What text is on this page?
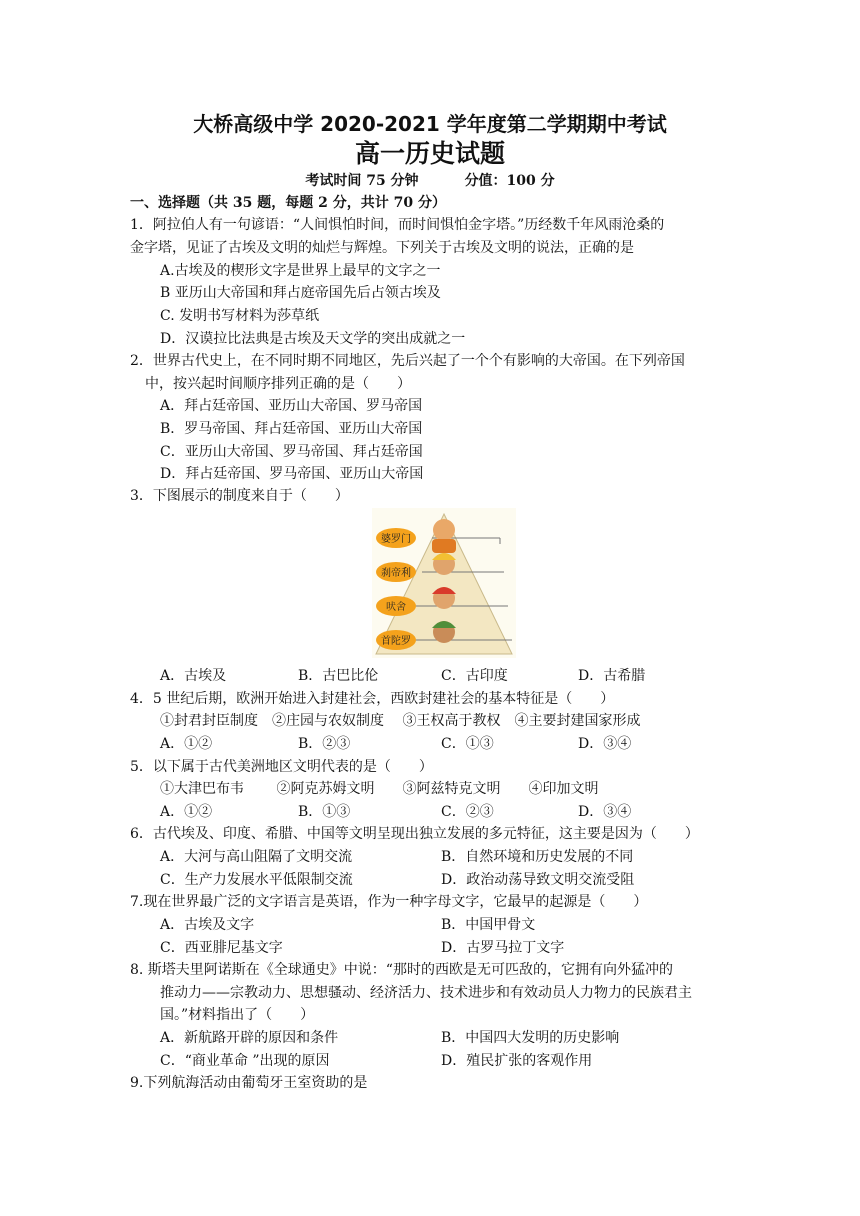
大桥高级中学 2020-2021 学年度第二学期期中考试
高一历史试题
考试时间 75 分钟	分值：100 分
一、选择题（共 35 题，每题 2 分，共计 70 分）
1．阿拉伯人有一句谚语：“人间惧怕时间，而时间惧怕金字塔。”历经数千年风雨沧桑的
金字塔，见证了古埃及文明的灿烂与辉煌。下列关于古埃及文明的说法，正确的是
A.古埃及的楔形文字是世界上最早的文字之一
B 亚历山大帝国和拜占庭帝国先后占领古埃及
C. 发明书写材料为莎草纸
D．汉谟拉比法典是古埃及天文学的突出成就之一
2．世界古代史上，在不同时期不同地区，先后兴起了一个个有影响的大帝国。在下列帝国
中，按兴起时间顺序排列正确的是（　　）
A．拜占廷帝国、亚历山大帝国、罗马帝国
B．罗马帝国、拜占廷帝国、亚历山大帝国
C．亚历山大帝国、罗马帝国、拜占廷帝国
D．拜占廷帝国、罗马帝国、亚历山大帝国
3．下图展示的制度来自于（　　）
婆罗门
刹帝利
吠舍
首陀罗
A．古埃及	B．古巴比伦	C．古印度	D．古希腊
4．5 世纪后期，欧洲开始进入封建社会，西欧封建社会的基本特征是（　　）
①封君封臣制度　②庄园与农奴制度　 ③王权高于教权　④主要封建国家形成
A．①②	B．②③	C．①③	D．③④
5．以下属于古代美洲地区文明代表的是（　　）
①大津巴布韦　　 ②阿克苏姆文明　　③阿兹特克文明　　④印加文明
A．①②	B．①③	C．②③	D．③④
6．古代埃及、印度、希腊、中国等文明呈现出独立发展的多元特征，这主要是因为（　　）
A．大河与高山阻隔了文明交流	B．自然环境和历史发展的不同
C．生产力发展水平低限制交流	D．政治动荡导致文明交流受阻
7.现在世界最广泛的文字语言是英语，作为一种字母文字，它最早的起源是（　　）
A．古埃及文字	B．中国甲骨文
C．西亚腓尼基文字	D．古罗马拉丁文字
8. 斯塔夫里阿诺斯在《全球通史》中说：“那时的西欧是无可匹敌的，它拥有向外猛冲的
推动力——宗教动力、思想骚动、经济活力、技术进步和有效动员人力物力的民族君主
国。”材料指出了（　　）
A．新航路开辟的原因和条件	B．中国四大发明的历史影响
C．“商业革命 ”出现的原因	D．殖民扩张的客观作用
9.下列航海活动由葡萄牙王室资助的是
